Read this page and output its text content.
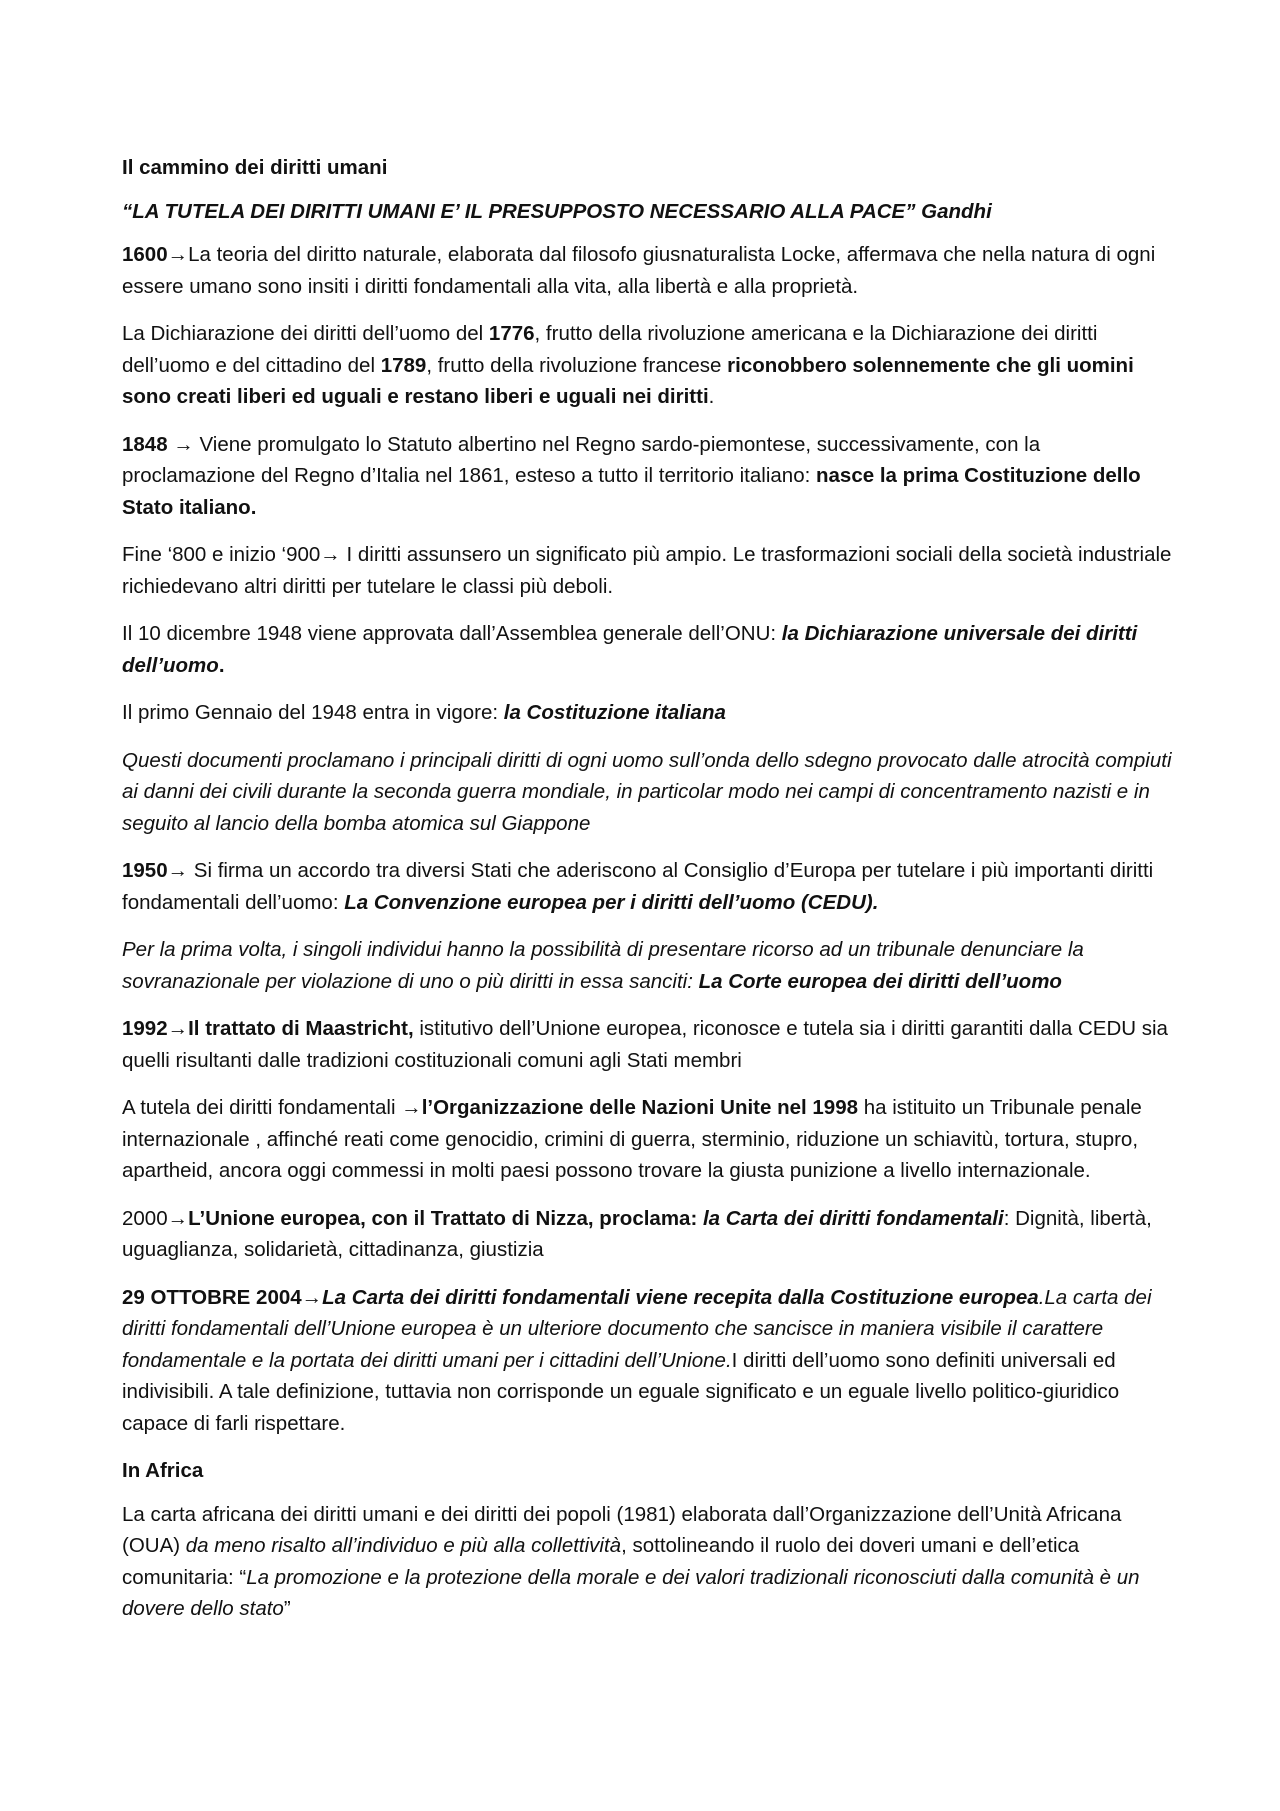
Il cammino dei diritti umani

“LA TUTELA DEI DIRITTI UMANI E’ IL PRESUPPOSTO NECESSARIO ALLA PACE” Gandhi

1600→La teoria del diritto naturale, elaborata dal filosofo giusnaturalista Locke, affermava che nella natura di ogni essere umano sono insiti i diritti fondamentali alla vita, alla libertà e alla proprietà.

La Dichiarazione dei diritti dell’uomo del 1776, frutto della rivoluzione americana e la Dichiarazione dei diritti dell’uomo e del cittadino del 1789, frutto della rivoluzione francese riconobbero solennemente che gli uomini sono creati liberi ed uguali e restano liberi e uguali nei diritti.

1848 → Viene promulgato lo Statuto albertino nel Regno sardo-piemontese, successivamente, con la proclamazione del Regno d’Italia nel 1861, esteso a tutto il territorio italiano: nasce la prima Costituzione dello Stato italiano.

Fine ‘800 e inizio ‘900→ I diritti assunsero un significato più ampio. Le trasformazioni sociali della società industriale richiedevano altri diritti per tutelare le classi più deboli.

Il 10 dicembre 1948 viene approvata dall’Assemblea generale dell’ONU: la Dichiarazione universale dei diritti dell’uomo.

Il primo Gennaio del 1948 entra in vigore: la Costituzione italiana

Questi documenti proclamano i principali diritti di ogni uomo sull’onda dello sdegno provocato dalle atrocità compiuti ai danni dei civili durante la seconda guerra mondiale, in particolar modo nei campi di concentramento nazisti e in seguito al lancio della bomba atomica sul Giappone

1950→ Si firma un accordo tra diversi Stati che aderiscono al Consiglio d’Europa per tutelare i più importanti diritti fondamentali dell’uomo: La Convenzione europea per i diritti dell’uomo (CEDU).

Per la prima volta, i singoli individui hanno la possibilità di presentare ricorso ad un tribunale denunciare la sovranazionale per violazione di uno o più diritti in essa sanciti: La Corte europea dei diritti dell’uomo

1992→Il trattato di Maastricht, istitutivo dell’Unione europea, riconosce e tutela sia i diritti garantiti dalla CEDU sia quelli risultanti dalle tradizioni costituzionali comuni agli Stati membri

A tutela dei diritti fondamentali →l’Organizzazione delle Nazioni Unite nel 1998 ha istituito un Tribunale penale internazionale , affinché reati come genocidio, crimini di guerra, sterminio, riduzione un schiavitù, tortura, stupro, apartheid, ancora oggi commessi in molti paesi possono trovare la giusta punizione a livello internazionale.

2000→L’Unione europea, con il Trattato di Nizza, proclama: la Carta dei diritti fondamentali: Dignità, libertà, uguaglianza, solidarietà, cittadinanza, giustizia

29 OTTOBRE 2004→La Carta dei diritti fondamentali viene recepita dalla Costituzione europea.La carta dei diritti fondamentali dell’Unione europea è un ulteriore documento che sancisce in maniera visibile il carattere fondamentale e la portata dei diritti umani per i cittadini dell’Unione.I diritti dell’uomo sono definiti universali ed indivisibili. A tale definizione, tuttavia non corrisponde un eguale significato e un eguale livello politico-giuridico capace di farli rispettare.

In Africa

La carta africana dei diritti umani e dei diritti dei popoli (1981) elaborata dall’Organizzazione dell’Unità Africana (OUA) da meno risalto all’individuo e più alla collettività, sottolineando il ruolo dei doveri umani e dell’etica comunitaria: “La promozione e la protezione della morale e dei valori tradizionali riconosciuti dalla comunità è un dovere dello stato”
